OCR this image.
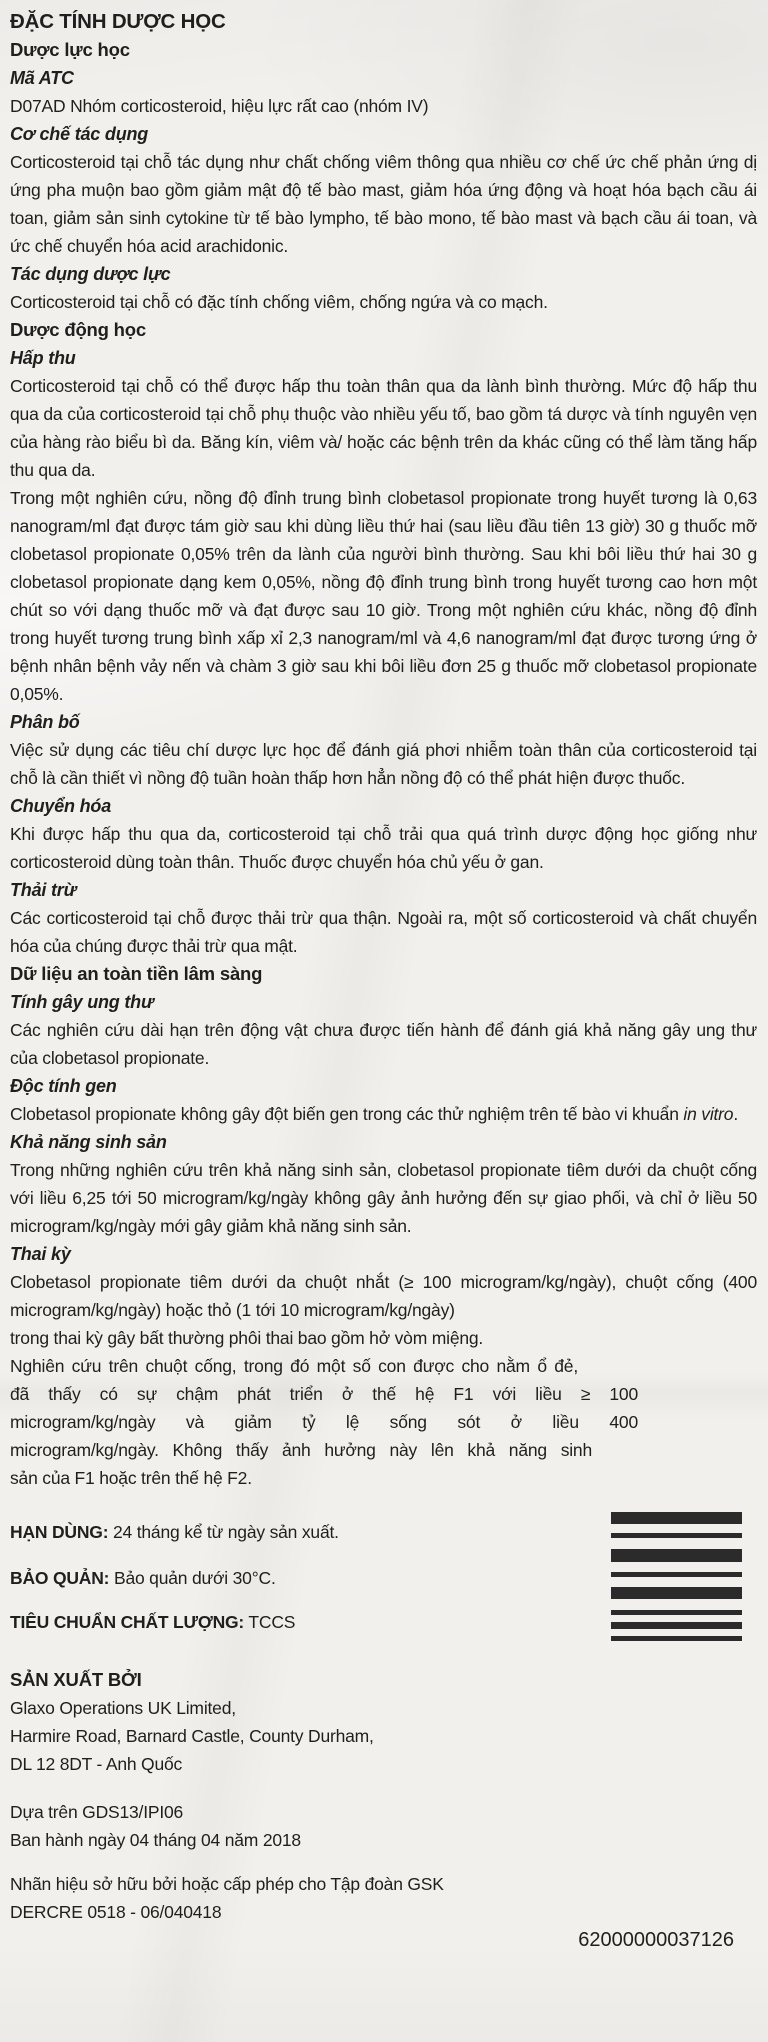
ĐẶC TÍNH DƯỢC HỌC
Dược lực học
Mã ATC
D07AD Nhóm corticosteroid, hiệu lực rất cao (nhóm IV)
Cơ chế tác dụng
Corticosteroid tại chỗ tác dụng như chất chống viêm thông qua nhiều cơ chế ức chế phản ứng dị ứng pha muộn bao gồm giảm mật độ tế bào mast, giảm hóa ứng động và hoạt hóa bạch cầu ái toan, giảm sản sinh cytokine từ tế bào lympho, tế bào mono, tế bào mast và bạch cầu ái toan, và ức chế chuyển hóa acid arachidonic.
Tác dụng dược lực
Corticosteroid tại chỗ có đặc tính chống viêm, chống ngứa và co mạch.
Dược động học
Hấp thu
Corticosteroid tại chỗ có thể được hấp thu toàn thân qua da lành bình thường. Mức độ hấp thu qua da của corticosteroid tại chỗ phụ thuộc vào nhiều yếu tố, bao gồm tá dược và tính nguyên vẹn của hàng rào biểu bì da. Băng kín, viêm và/ hoặc các bệnh trên da khác cũng có thể làm tăng hấp thu qua da.
Trong một nghiên cứu, nồng độ đỉnh trung bình clobetasol propionate trong huyết tương là 0,63 nanogram/ml đạt được tám giờ sau khi dùng liều thứ hai (sau liều đầu tiên 13 giờ) 30 g thuốc mỡ clobetasol propionate 0,05% trên da lành của người bình thường. Sau khi bôi liều thứ hai 30 g clobetasol propionate dạng kem 0,05%, nồng độ đỉnh trung bình trong huyết tương cao hơn một chút so với dạng thuốc mỡ và đạt được sau 10 giờ. Trong một nghiên cứu khác, nồng độ đỉnh trong huyết tương trung bình xấp xỉ 2,3 nanogram/ml và 4,6 nanogram/ml đạt được tương ứng ở bệnh nhân bệnh vảy nến và chàm 3 giờ sau khi bôi liều đơn 25 g thuốc mỡ clobetasol propionate 0,05%.
Phân bố
Việc sử dụng các tiêu chí dược lực học để đánh giá phơi nhiễm toàn thân của corticosteroid tại chỗ là cần thiết vì nồng độ tuần hoàn thấp hơn hẳn nồng độ có thể phát hiện được thuốc.
Chuyển hóa
Khi được hấp thu qua da, corticosteroid tại chỗ trải qua quá trình dược động học giống như corticosteroid dùng toàn thân. Thuốc được chuyển hóa chủ yếu ở gan.
Thải trừ
Các corticosteroid tại chỗ được thải trừ qua thận. Ngoài ra, một số corticosteroid và chất chuyển hóa của chúng được thải trừ qua mật.
Dữ liệu an toàn tiền lâm sàng
Tính gây ung thư
Các nghiên cứu dài hạn trên động vật chưa được tiến hành để đánh giá khả năng gây ung thư của clobetasol propionate.
Độc tính gen
Clobetasol propionate không gây đột biến gen trong các thử nghiệm trên tế bào vi khuẩn in vitro.
Khả năng sinh sản
Trong những nghiên cứu trên khả năng sinh sản, clobetasol propionate tiêm dưới da chuột cống với liều 6,25 tới 50 microgram/kg/ngày không gây ảnh hưởng đến sự giao phối, và chỉ ở liều 50 microgram/kg/ngày mới gây giảm khả năng sinh sản.
Thai kỳ
Clobetasol propionate tiêm dưới da chuột nhắt (≥ 100 microgram/kg/ngày), chuột cống (400 microgram/kg/ngày) hoặc thỏ (1 tới 10 microgram/kg/ngày)
trong thai kỳ gây bất thường phôi thai bao gồm hở vòm miệng.
Nghiên cứu trên chuột cống, trong đó một số con được cho nằm ổ đẻ,
đã thấy có sự chậm phát triển ở thế hệ F1 với liều ≥ 100
microgram/kg/ngày và giảm tỷ lệ sống sót ở liều 400
microgram/kg/ngày. Không thấy ảnh hưởng này lên khả năng sinh
sản của F1 hoặc trên thế hệ F2.
HẠN DÙNG: 24 tháng kể từ ngày sản xuất.
BẢO QUẢN: Bảo quản dưới 30°C.
TIÊU CHUẨN CHẤT LƯỢNG: TCCS
SẢN XUẤT BỞI
Glaxo Operations UK Limited,
Harmire Road, Barnard Castle, County Durham,
DL 12 8DT - Anh Quốc
Dựa trên GDS13/IPI06
Ban hành ngày 04 tháng 04 năm 2018
Nhãn hiệu sở hữu bởi hoặc cấp phép cho Tập đoàn GSK
DERCRE 0518 - 06/040418
62000000037126
